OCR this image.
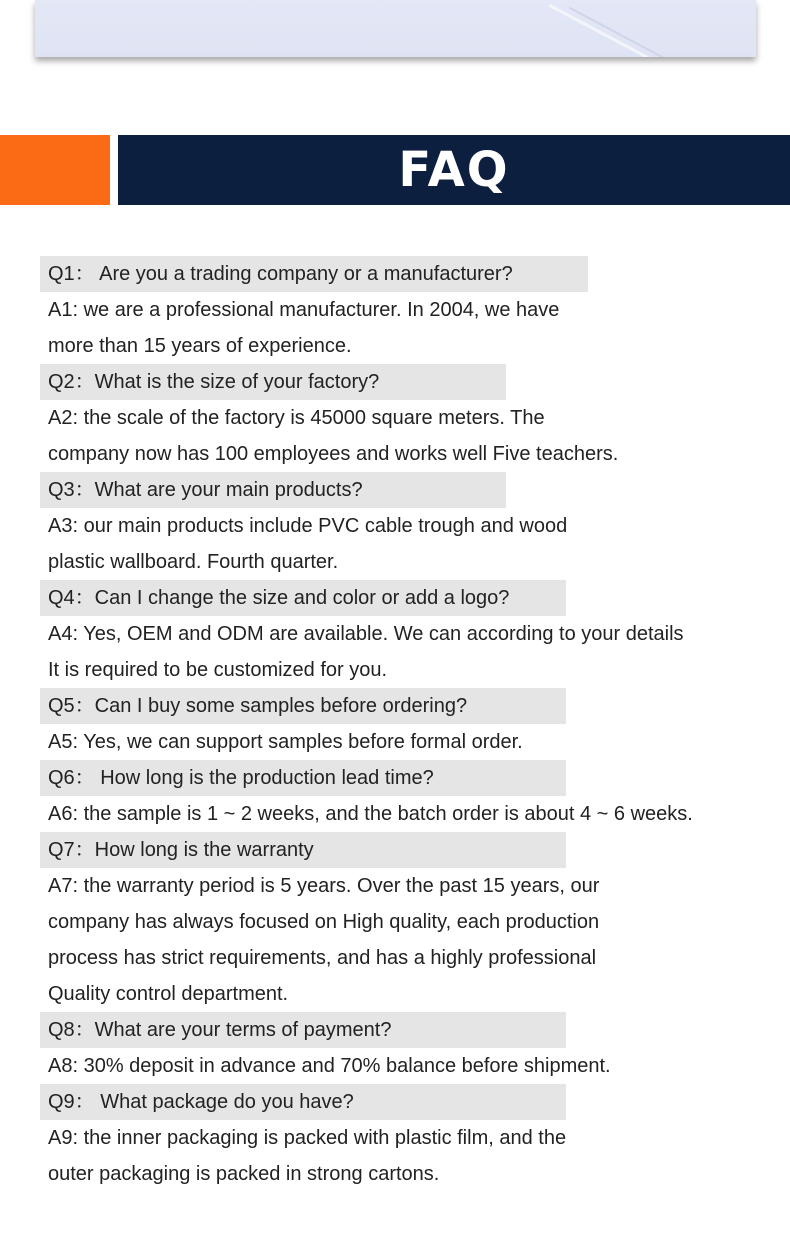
FAQ
Q1： Are you a trading company or a manufacturer?
A1: we are a professional manufacturer. In 2004, we have
more than 15 years of experience.
Q2：What is the size of your factory?
A2: the scale of the factory is 45000 square meters. The
company now has 100 employees and works well Five teachers.
Q3：What are your main products?
A3: our main products include PVC cable trough and wood
plastic wallboard. Fourth quarter.
Q4：Can I change the size and color or add a logo?
A4: Yes, OEM and ODM are available. We can according to your details
It is required to be customized for you.
Q5：Can I buy some samples before ordering?
A5: Yes, we can support samples before formal order.
Q6： How long is the production lead time?
A6: the sample is 1 ~ 2 weeks, and the batch order is about 4 ~ 6 weeks.
Q7：How long is the warranty
A7: the warranty period is 5 years. Over the past 15 years, our
company has always focused on High quality, each production
process has strict requirements, and has a highly professional
Quality control department.
Q8：What are your terms of payment?
A8: 30% deposit in advance and 70% balance before shipment.
Q9： What package do you have?
A9: the inner packaging is packed with plastic film, and the
outer packaging is packed in strong cartons.
